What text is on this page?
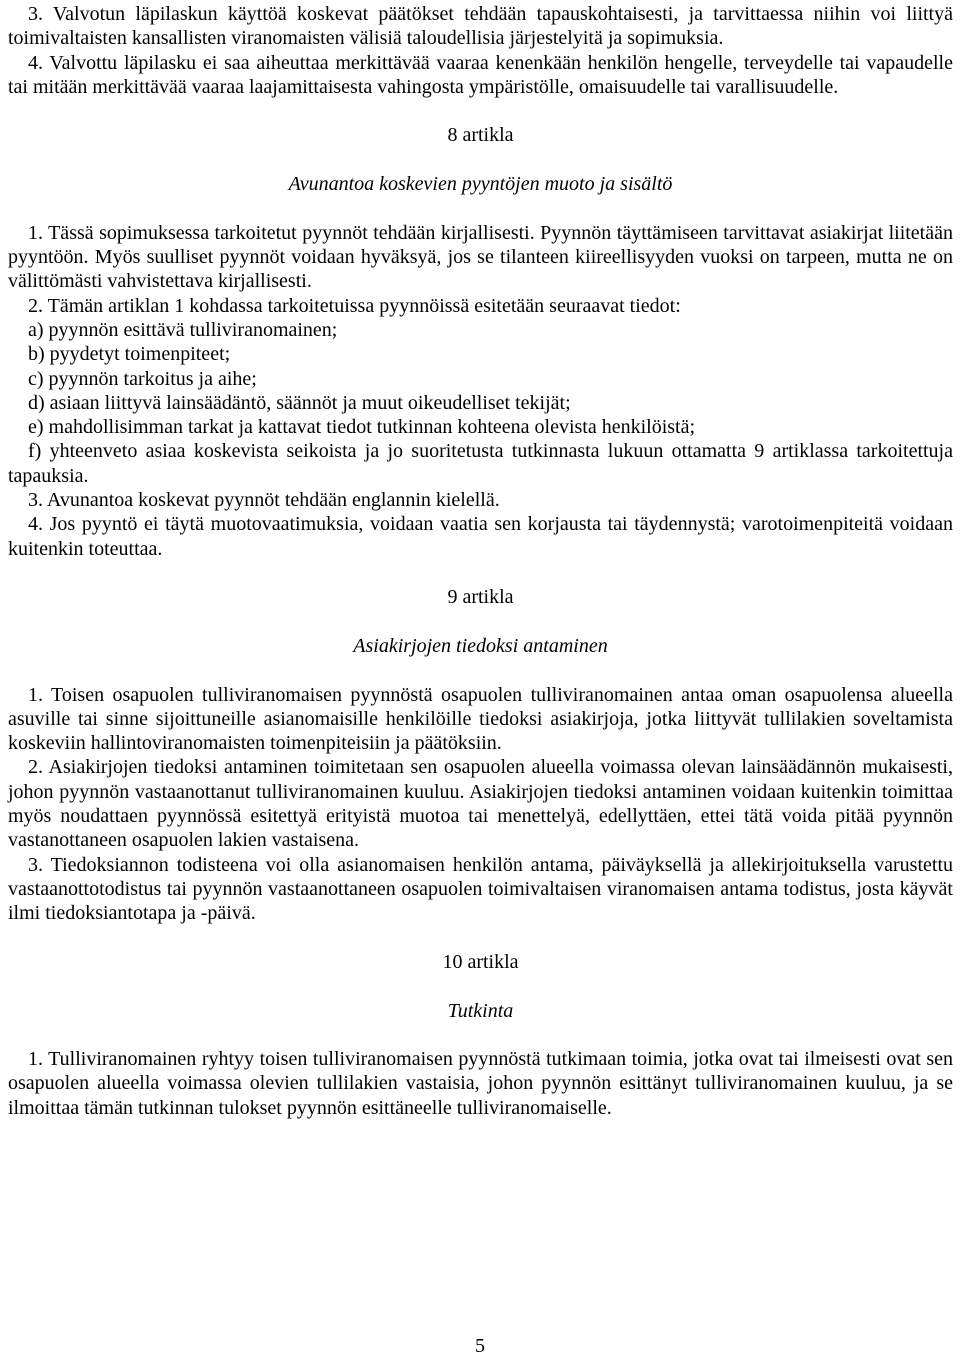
3. Valvotun läpilaskun käyttöä koskevat päätökset tehdään tapauskohtaisesti, ja tarvittaessa niihin voi liittyä toimivaltaisten kansallisten viranomaisten välisiä taloudellisia järjestelyitä ja sopimuksia.

4. Valvottu läpilasku ei saa aiheuttaa merkittävää vaaraa kenenkään henkilön hengelle, terveydelle tai vapaudelle tai mitään merkittävää vaaraa laajamittaisesta vahingosta ympäristölle, omaisuudelle tai varallisuudelle.

8 artikla

Avunantoa koskevien pyyntöjen muoto ja sisältö

1. Tässä sopimuksessa tarkoitetut pyynnöt tehdään kirjallisesti. Pyynnön täyttämiseen tarvittavat asiakirjat liitetään pyyntöön. Myös suulliset pyynnöt voidaan hyväksyä, jos se tilanteen kiireellisyyden vuoksi on tarpeen, mutta ne on välittömästi vahvistettava kirjallisesti.

2. Tämän artiklan 1 kohdassa tarkoitetuissa pyynnöissä esitetään seuraavat tiedot:

a) pyynnön esittävä tulliviranomainen;

b) pyydetyt toimenpiteet;

c) pyynnön tarkoitus ja aihe;

d) asiaan liittyvä lainsäädäntö, säännöt ja muut oikeudelliset tekijät;

e) mahdollisimman tarkat ja kattavat tiedot tutkinnan kohteena olevista henkilöistä;

f) yhteenveto asiaa koskevista seikoista ja jo suoritetusta tutkinnasta lukuun ottamatta 9 artiklassa tarkoitettuja tapauksia.

3. Avunantoa koskevat pyynnöt tehdään englannin kielellä.

4. Jos pyyntö ei täytä muotovaatimuksia, voidaan vaatia sen korjausta tai täydennystä; varotoimenpiteitä voidaan kuitenkin toteuttaa.

9 artikla

Asiakirjojen tiedoksi antaminen

1. Toisen osapuolen tulliviranomaisen pyynnöstä osapuolen tulliviranomainen antaa oman osapuolensa alueella asuville tai sinne sijoittuneille asianomaisille henkilöille tiedoksi asiakirjoja, jotka liittyvät tullilakien soveltamista koskeviin hallintoviranomaisten toimenpiteisiin ja päätöksiin.

2. Asiakirjojen tiedoksi antaminen toimitetaan sen osapuolen alueella voimassa olevan lainsäädännön mukaisesti, johon pyynnön vastaanottanut tulliviranomainen kuuluu. Asiakirjojen tiedoksi antaminen voidaan kuitenkin toimittaa myös noudattaen pyynnössä esitettyä erityistä muotoa tai menettelyä, edellyttäen, ettei tätä voida pitää pyynnön vastanottaneen osapuolen lakien vastaisena.

3. Tiedoksiannon todisteena voi olla asianomaisen henkilön antama, päiväyksellä ja allekirjoituksella varustettu vastaanottotodistus tai pyynnön vastaanottaneen osapuolen toimivaltaisen viranomaisen antama todistus, josta käyvät ilmi tiedoksiantotapa ja -päivä.

10 artikla

Tutkinta

1. Tulliviranomainen ryhtyy toisen tulliviranomaisen pyynnöstä tutkimaan toimia, jotka ovat tai ilmeisesti ovat sen osapuolen alueella voimassa olevien tullilakien vastaisia, johon pyynnön esittänyt tulliviranomainen kuuluu, ja se ilmoittaa tämän tutkinnan tulokset pyynnön esittäneelle tulliviranomaiselle.

5
